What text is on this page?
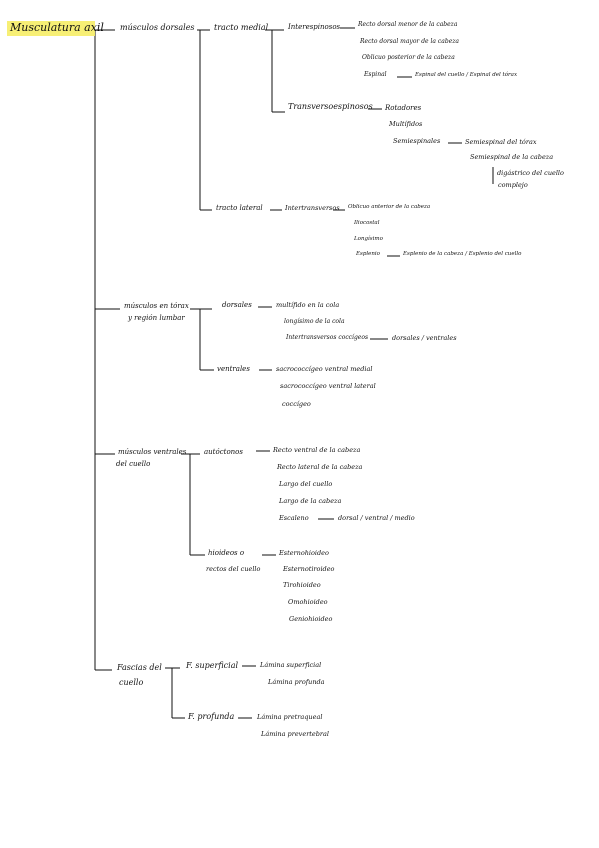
Musculatura axil músculos dorsales tracto medial	Interespinosos	Recto dorsal menor de la cabeza
Recto dorsal mayor de la cabeza
Oblicuo posterior de la cabeza
Espinal	Espinal del cuello / Espinal del tórax
Transversoespinosos Rotadores
Multífidos
Semiespinales	Semiespinal del tórax
Semiespinal de la cabeza
digástrico del cuello
complejo
tracto lateral	Intertransversos Oblicuo anterior de la cabeza
Iliocostal
Longísimo
Esplenio	Esplenio de la cabeza / Esplenio del cuello
músculos en tórax
y región lumbar
dorsales	multífido en la cola
longísimo de la cola
Intertransversos coccígeos	dorsales / ventrales
ventrales	sacrococcígeo ventral medial
sacrococcígeo ventral lateral
coccígeo
músculos ventrales
del cuello
autóctonos	Recto ventral de la cabeza
Recto lateral de la cabeza
Largo del cuello
Largo de la cabeza
Escaleno	dorsal / ventral / medio
hioideos o
rectos del cuello
Esternohioideo
Esternotiroideo
Tirohioideo
Omohioideo
Geniohioideo
Fascias del
cuello
F. superficial	Lámina superficial
Lámina profunda
F. profunda	Lámina pretraqueal
Lámina prevertebral
